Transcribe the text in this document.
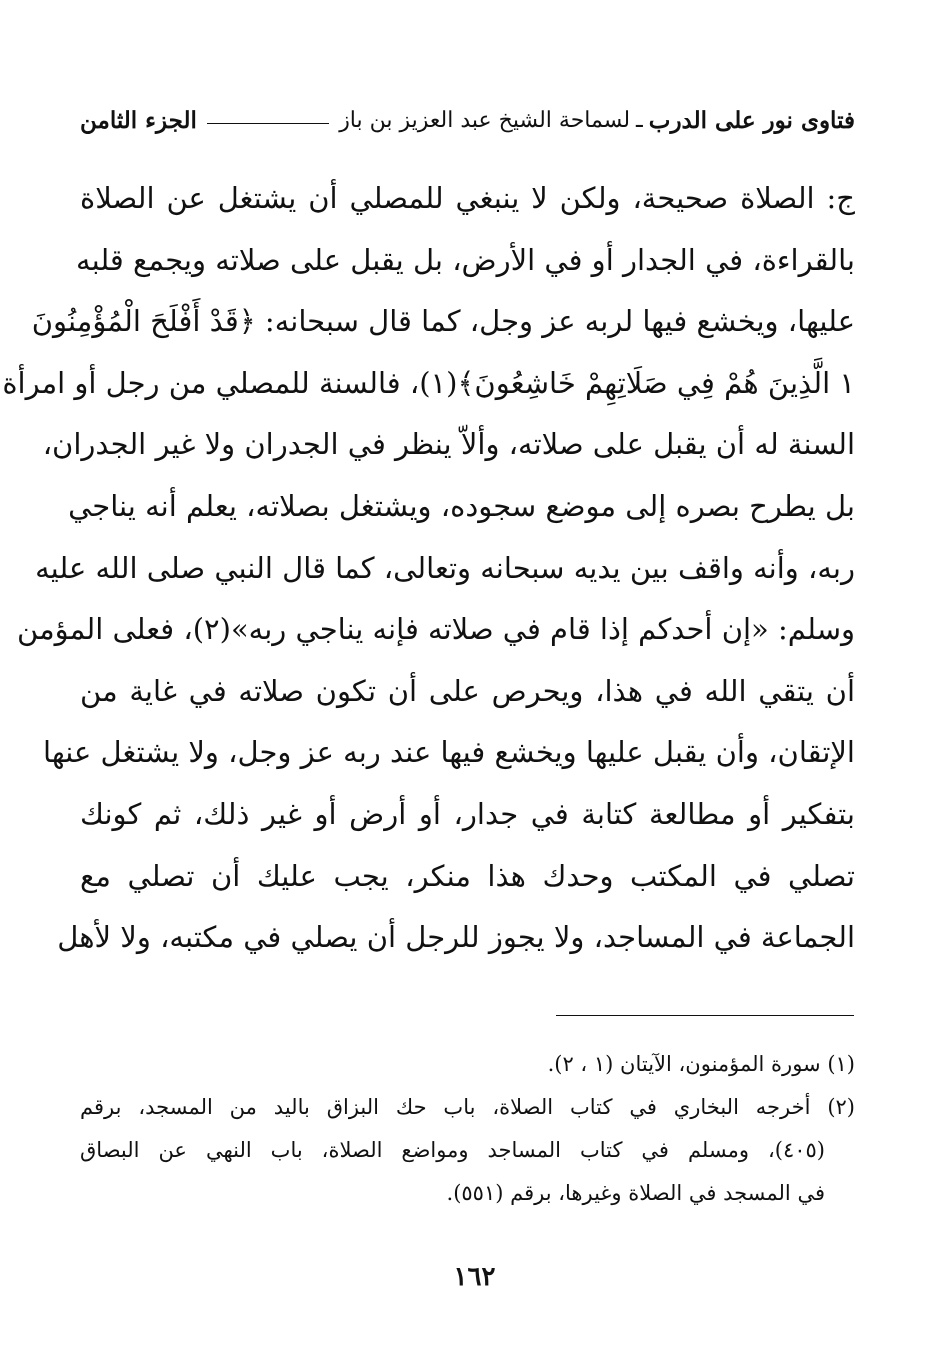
فتاوى نور على الدرب
ـ
لسماحة الشيخ عبد العزيز بن باز
الجزء الثامن
ج: الصلاة صحيحة، ولكن لا ينبغي للمصلي أن يشتغل عن الصلاة
بالقراءة، في الجدار أو في الأرض، بل يقبل على صلاته ويجمع قلبه
عليها، ويخشع فيها لربه عز وجل، كما قال سبحانه: ﴿قَدْ أَفْلَحَ الْمُؤْمِنُونَ
١ الَّذِينَ هُمْ فِي صَلَاتِهِمْ خَاشِعُونَ﴾(١)، فالسنة للمصلي من رجل أو امرأة
السنة له أن يقبل على صلاته، وألاّ ينظر في الجدران ولا غير الجدران،
بل يطرح بصره إلى موضع سجوده، ويشتغل بصلاته، يعلم أنه يناجي
ربه، وأنه واقف بين يديه سبحانه وتعالى، كما قال النبي صلى الله عليه
وسلم: «إن أحدكم إذا قام في صلاته فإنه يناجي ربه»(٢)، فعلى المؤمن
أن يتقي الله في هذا، ويحرص على أن تكون صلاته في غاية من
الإتقان، وأن يقبل عليها ويخشع فيها عند ربه عز وجل، ولا يشتغل عنها
بتفكير أو مطالعة كتابة في جدار، أو أرض أو غير ذلك، ثم كونك
تصلي في المكتب وحدك هذا منكر، يجب عليك أن تصلي مع
الجماعة في المساجد، ولا يجوز للرجل أن يصلي في مكتبه، ولا لأهل
(١) سورة المؤمنون، الآيتان (١ ، ٢).
(٢) أخرجه البخاري في كتاب الصلاة، باب حك البزاق باليد من المسجد، برقم
(٤٠٥)، ومسلم في كتاب المساجد ومواضع الصلاة، باب النهي عن البصاق
في المسجد في الصلاة وغيرها، برقم (٥٥١).
١٦٢
